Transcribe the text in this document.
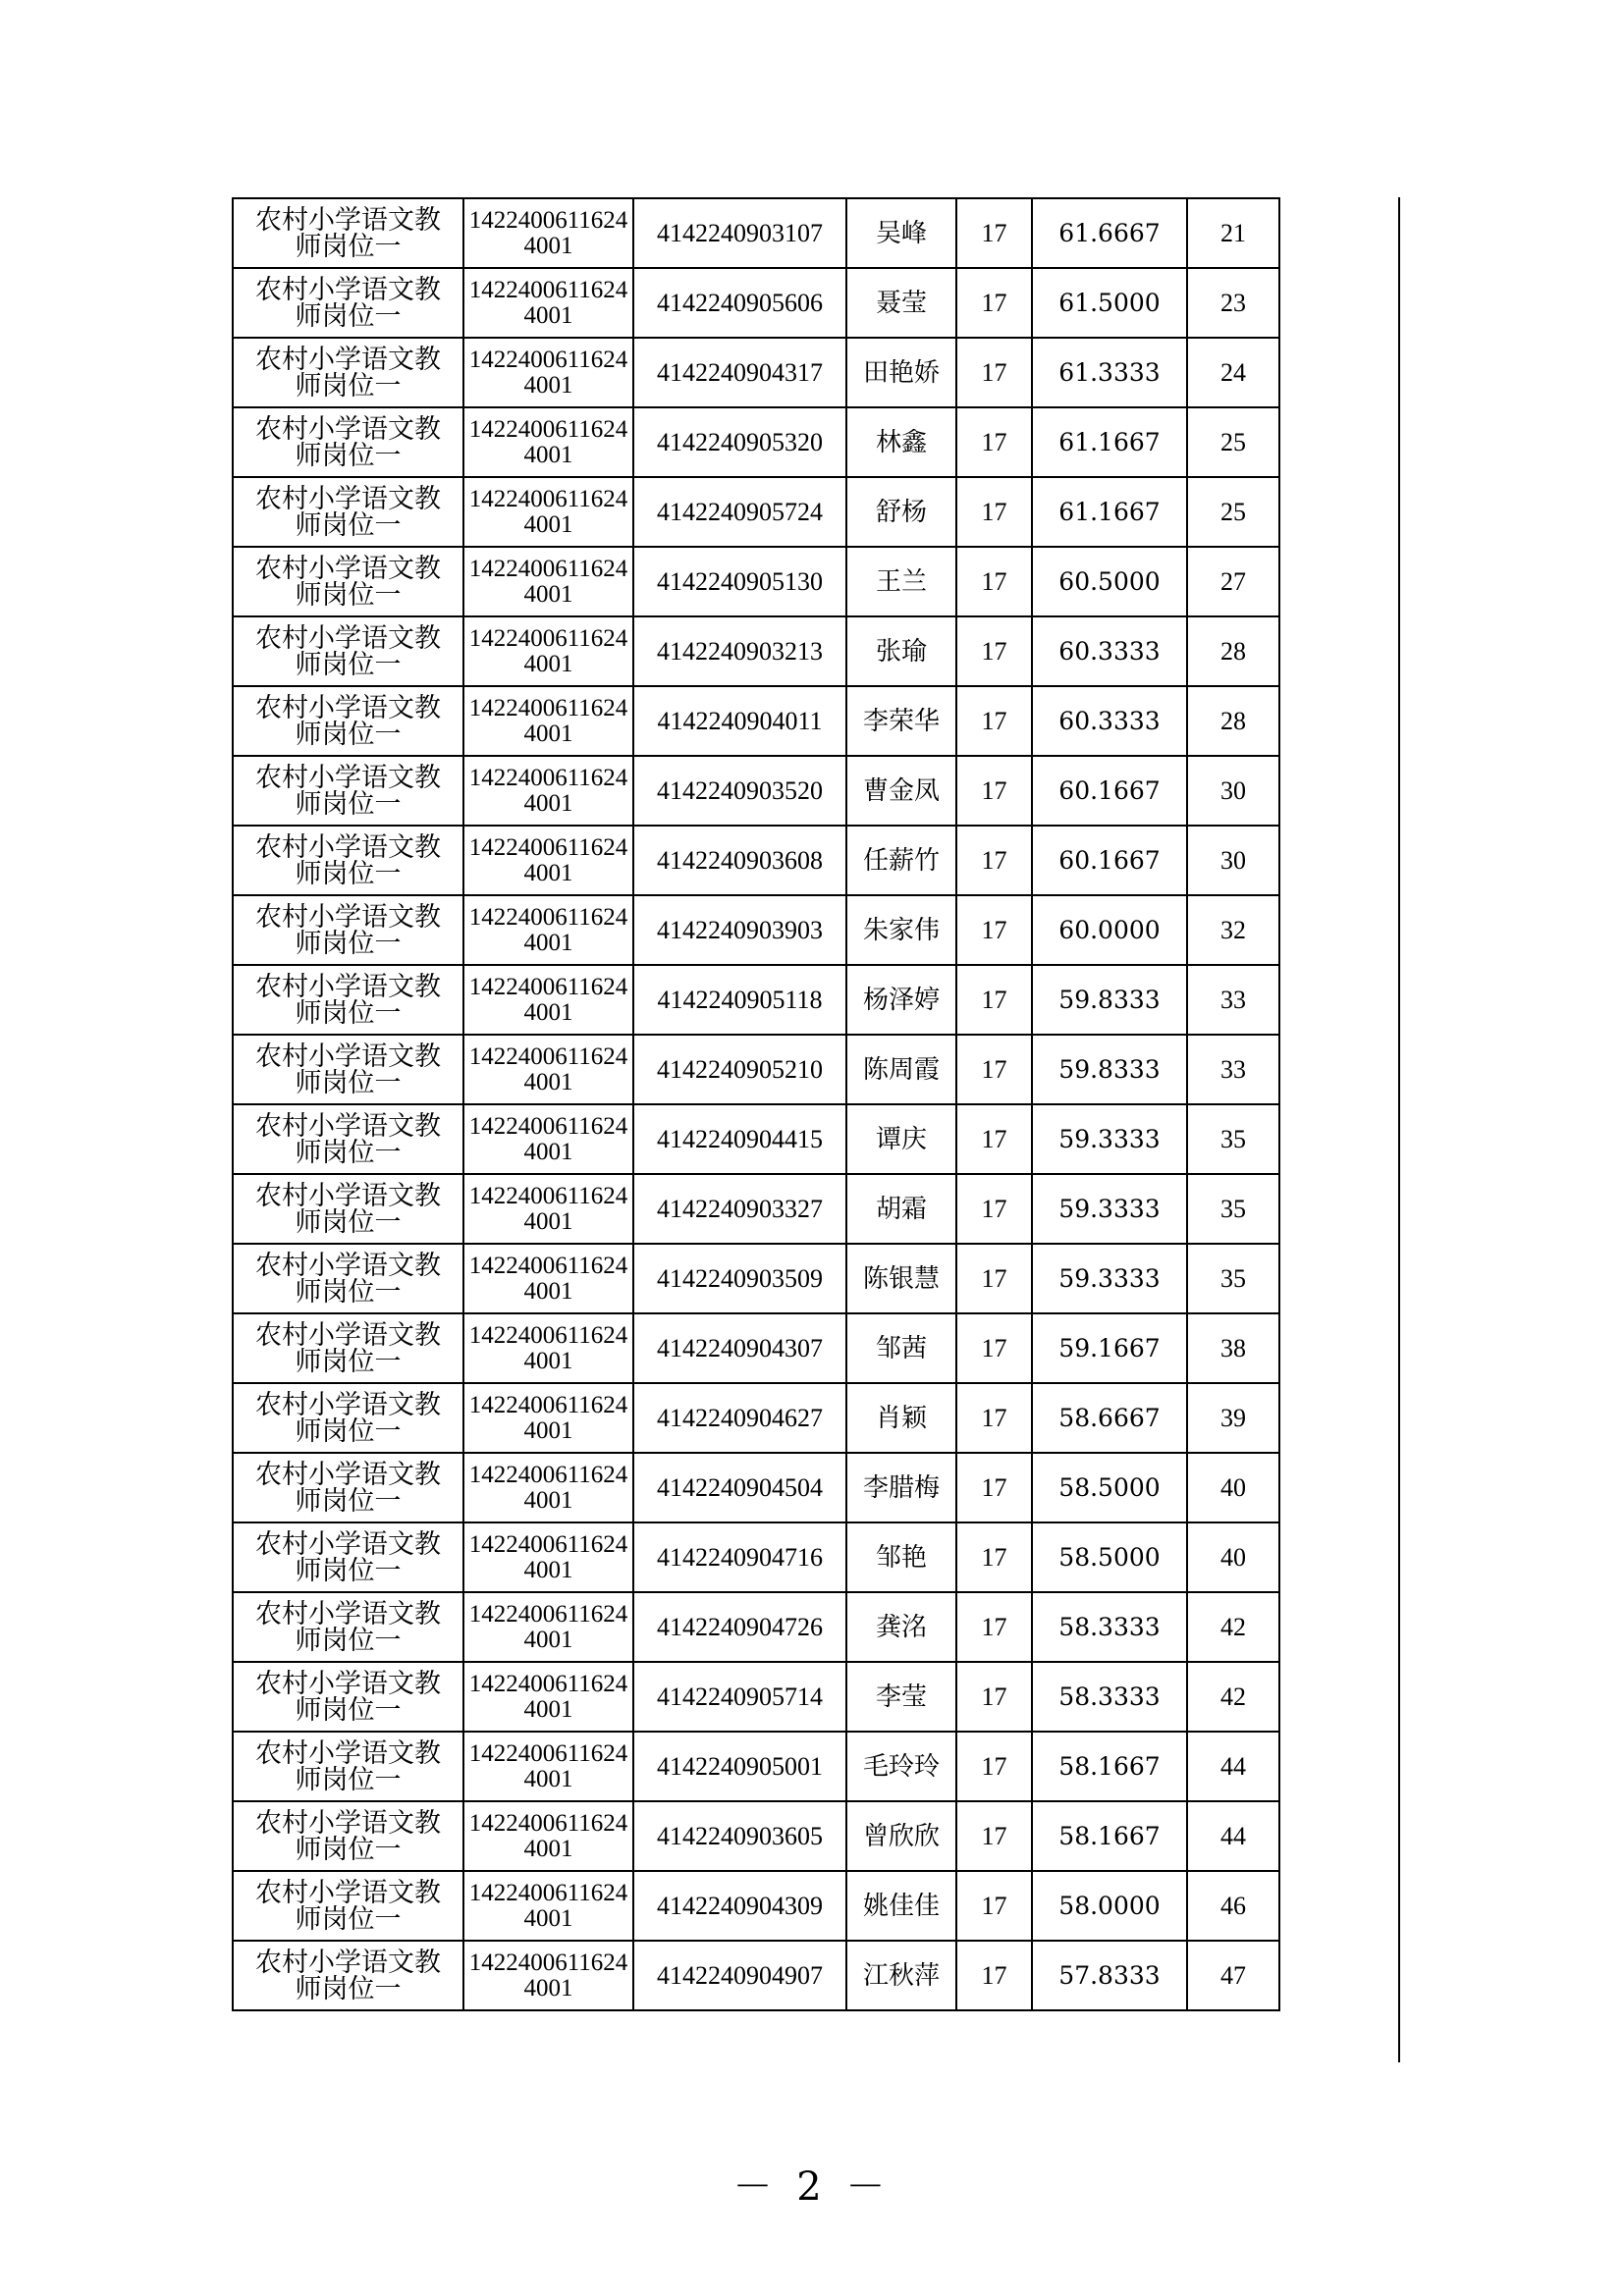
农村小学语文教师岗位一	14224006116244001	4142240903107	吴峰	17	61.6667	21
农村小学语文教师岗位一	14224006116244001	4142240905606	聂莹	17	61.5000	23
农村小学语文教师岗位一	14224006116244001	4142240904317	田艳娇	17	61.3333	24
农村小学语文教师岗位一	14224006116244001	4142240905320	林鑫	17	61.1667	25
农村小学语文教师岗位一	14224006116244001	4142240905724	舒杨	17	61.1667	25
农村小学语文教师岗位一	14224006116244001	4142240905130	王兰	17	60.5000	27
农村小学语文教师岗位一	14224006116244001	4142240903213	张瑜	17	60.3333	28
农村小学语文教师岗位一	14224006116244001	4142240904011	李荣华	17	60.3333	28
农村小学语文教师岗位一	14224006116244001	4142240903520	曹金凤	17	60.1667	30
农村小学语文教师岗位一	14224006116244001	4142240903608	任薪竹	17	60.1667	30
农村小学语文教师岗位一	14224006116244001	4142240903903	朱家伟	17	60.0000	32
农村小学语文教师岗位一	14224006116244001	4142240905118	杨泽婷	17	59.8333	33
农村小学语文教师岗位一	14224006116244001	4142240905210	陈周霞	17	59.8333	33
农村小学语文教师岗位一	14224006116244001	4142240904415	谭庆	17	59.3333	35
农村小学语文教师岗位一	14224006116244001	4142240903327	胡霜	17	59.3333	35
农村小学语文教师岗位一	14224006116244001	4142240903509	陈银慧	17	59.3333	35
农村小学语文教师岗位一	14224006116244001	4142240904307	邹茜	17	59.1667	38
农村小学语文教师岗位一	14224006116244001	4142240904627	肖颖	17	58.6667	39
农村小学语文教师岗位一	14224006116244001	4142240904504	李腊梅	17	58.5000	40
农村小学语文教师岗位一	14224006116244001	4142240904716	邹艳	17	58.5000	40
农村小学语文教师岗位一	14224006116244001	4142240904726	龚洺	17	58.3333	42
农村小学语文教师岗位一	14224006116244001	4142240905714	李莹	17	58.3333	42
农村小学语文教师岗位一	14224006116244001	4142240905001	毛玲玲	17	58.1667	44
农村小学语文教师岗位一	14224006116244001	4142240903605	曾欣欣	17	58.1667	44
农村小学语文教师岗位一	14224006116244001	4142240904309	姚佳佳	17	58.0000	46
农村小学语文教师岗位一	14224006116244001	4142240904907	江秋萍	17	57.8333	47
－ 2 －
